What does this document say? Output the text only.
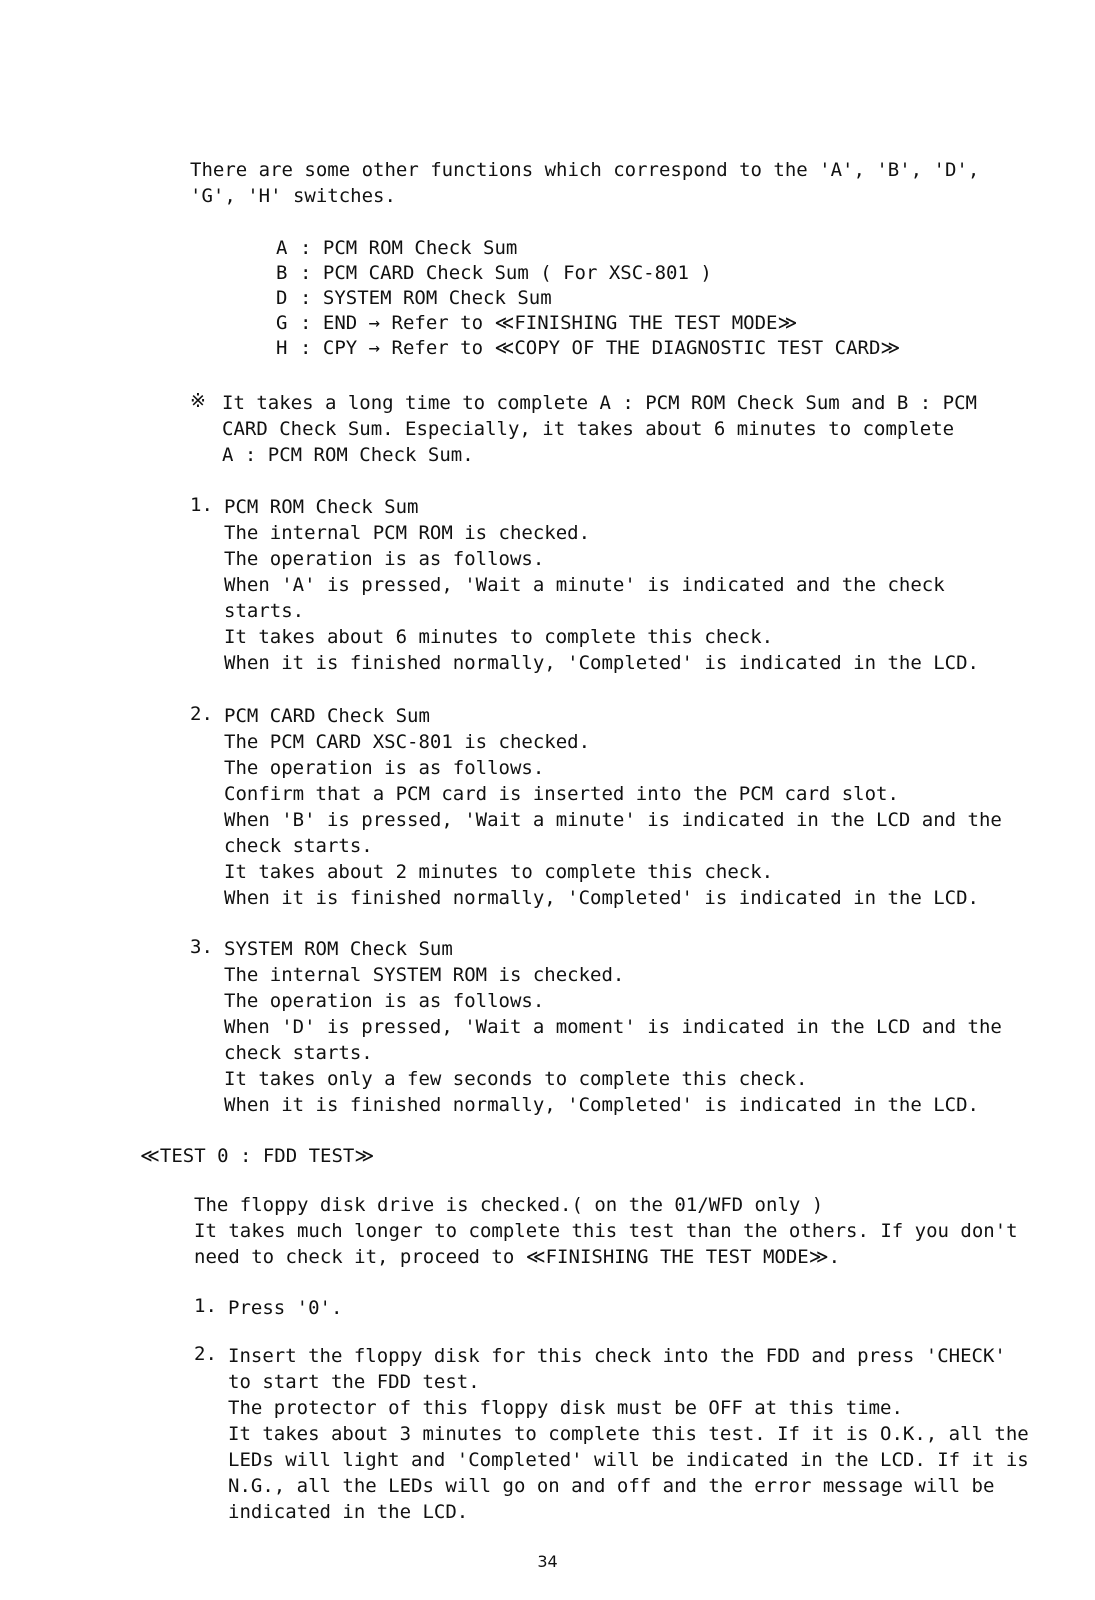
There are some other functions which correspond to the 'A', 'B', 'D',
'G', 'H' switches.
A : PCM ROM Check Sum
B : PCM CARD Check Sum ( For XSC-801 )
D : SYSTEM ROM Check Sum
G : END → Refer to ≪FINISHING THE TEST MODE≫
H : CPY → Refer to ≪COPY OF THE DIAGNOSTIC TEST CARD≫
※ It takes a long time to complete A : PCM ROM Check Sum and B : PCM
CARD Check Sum. Especially, it takes about 6 minutes to complete
A : PCM ROM Check Sum.
1. PCM ROM Check Sum
The internal PCM ROM is checked.
The operation is as follows.
When 'A' is pressed, 'Wait a minute' is indicated and the check
starts.
It takes about 6 minutes to complete this check.
When it is finished normally, 'Completed' is indicated in the LCD.
2. PCM CARD Check Sum
The PCM CARD XSC-801 is checked.
The operation is as follows.
Confirm that a PCM card is inserted into the PCM card slot.
When 'B' is pressed, 'Wait a minute' is indicated in the LCD and the
check starts.
It takes about 2 minutes to complete this check.
When it is finished normally, 'Completed' is indicated in the LCD.
3. SYSTEM ROM Check Sum
The internal SYSTEM ROM is checked.
The operation is as follows.
When 'D' is pressed, 'Wait a moment' is indicated in the LCD and the
check starts.
It takes only a few seconds to complete this check.
When it is finished normally, 'Completed' is indicated in the LCD.
≪TEST 0 : FDD TEST≫
The floppy disk drive is checked.( on the 01/WFD only )
It takes much longer to complete this test than the others. If you don't
need to check it, proceed to ≪FINISHING THE TEST MODE≫.
1. Press '0'.
2. Insert the floppy disk for this check into the FDD and press 'CHECK'
to start the FDD test.
The protector of this floppy disk must be OFF at this time.
It takes about 3 minutes to complete this test. If it is O.K., all the
LEDs will light and 'Completed' will be indicated in the LCD. If it is
N.G., all the LEDs will go on and off and the error message will be
indicated in the LCD.
34
